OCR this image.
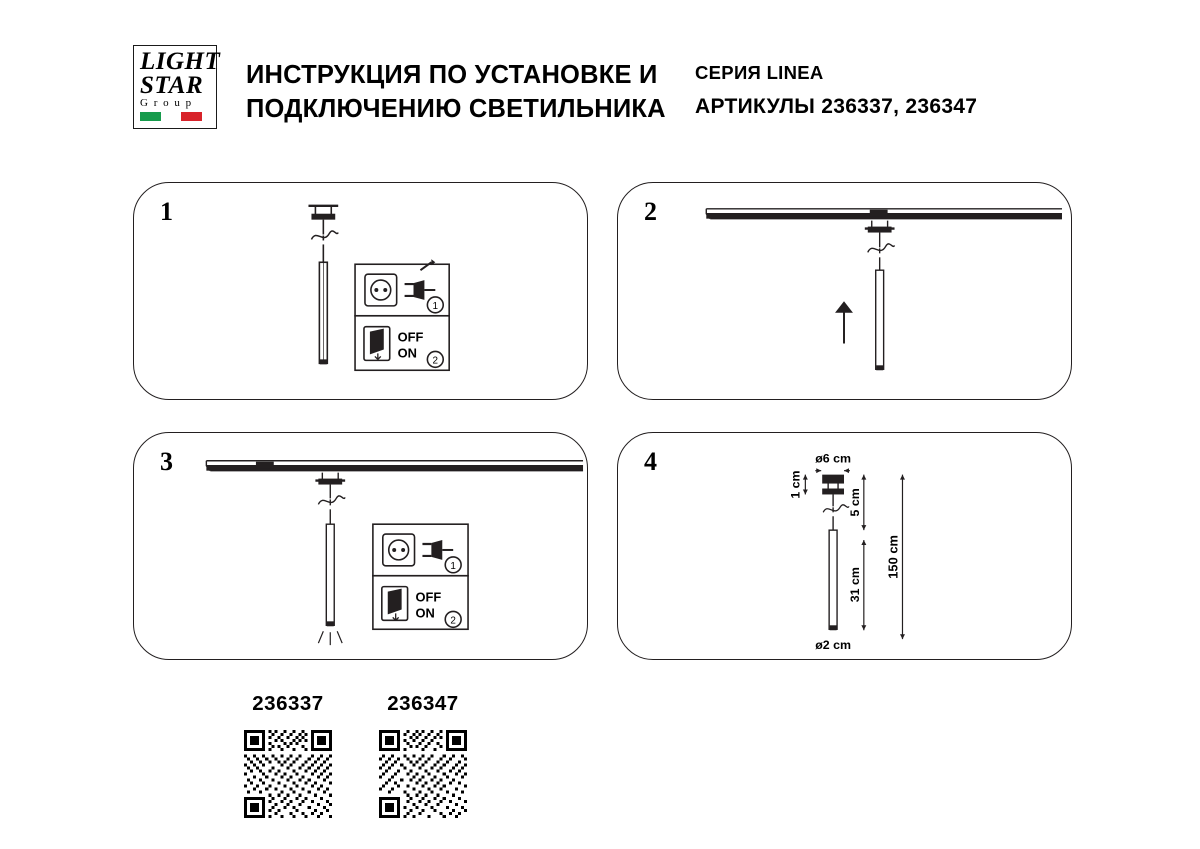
LIGHT
STAR
G r o u p
ИНСТРУКЦИЯ ПО УСТАНОВКЕ И ПОДКЛЮЧЕНИЮ СВЕТИЛЬНИКА
СЕРИЯ LINEA
АРТИКУЛЫ 236337, 236347
1
1
2
OFF
ON
2
3
1
2
OFF
ON
4	ø6 cm
1 cm
5 cm
31 cm
150 cm
ø2 cm
236337	236347
